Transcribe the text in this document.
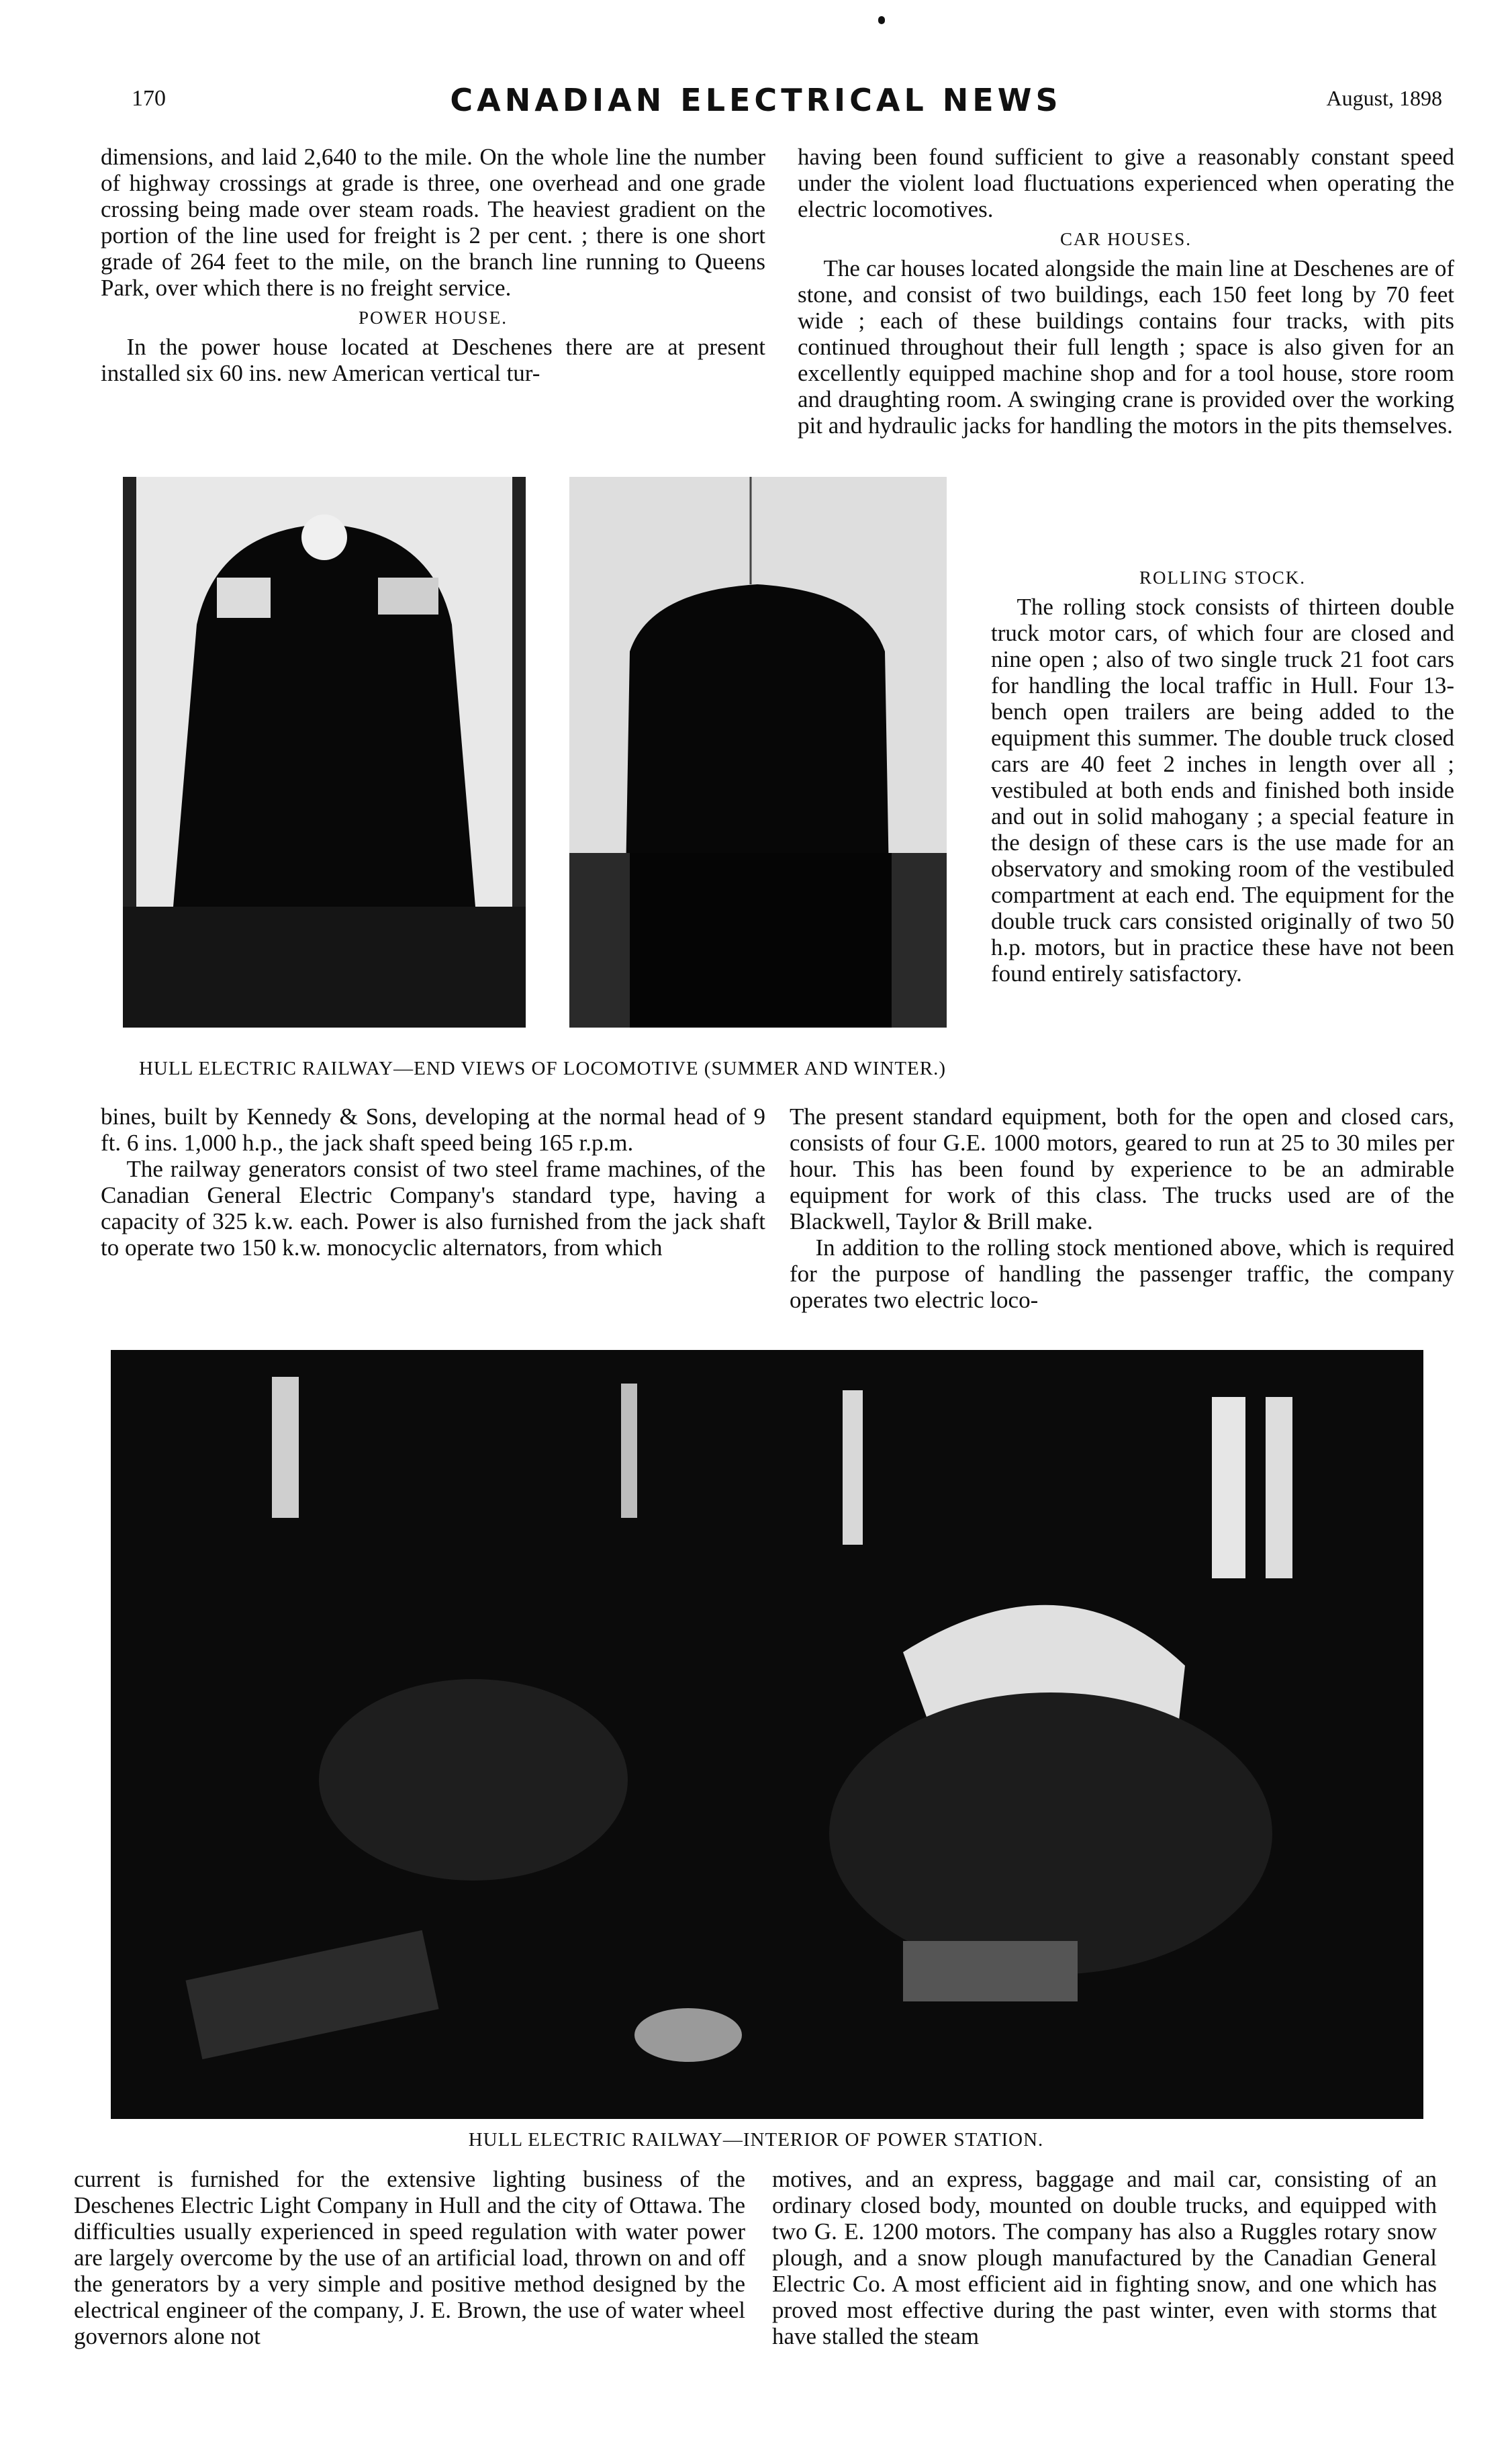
170	CANADIAN ELECTRICAL NEWS	August, 1898

dimensions, and laid 2,640 to the mile. On the whole line the number of highway crossings at grade is three, one overhead and one grade crossing being made over steam roads. The heaviest gradient on the portion of the line used for freight is 2 per cent. ; there is one short grade of 264 feet to the mile, on the branch line running to Queens Park, over which there is no freight service.

POWER HOUSE.

In the power house located at Deschenes there are at present installed six 60 ins. new American vertical tur-

having been found sufficient to give a reasonably constant speed under the violent load fluctuations experienced when operating the electric locomotives.

CAR HOUSES.

The car houses located alongside the main line at Deschenes are of stone, and consist of two buildings, each 150 feet long by 70 feet wide ; each of these buildings contains four tracks, with pits continued throughout their full length ; space is also given for an excellently equipped machine shop and for a tool house, store room and draughting room. A swinging crane is provided over the working pit and hydraulic jacks for handling the motors in the pits themselves.

ROLLING STOCK.

The rolling stock consists of thirteen double truck motor cars, of which four are closed and nine open ; also of two single truck 21 foot cars for handling the local traffic in Hull. Four 13-bench open trailers are being added to the equipment this summer. The double truck closed cars are 40 feet 2 inches in length over all ; vestibuled at both ends and finished both inside and out in solid mahogany ; a special feature in the design of these cars is the use made for an observatory and smoking room of the vestibuled compartment at each end. The equipment for the double truck cars consisted originally of two 50 h.p. motors, but in practice these have not been found entirely satisfactory.

HULL ELECTRIC RAILWAY—END VIEWS OF LOCOMOTIVE (SUMMER AND WINTER.)

bines, built by Kennedy & Sons, developing at the normal head of 9 ft. 6 ins. 1,000 h.p., the jack shaft speed being 165 r.p.m.

The railway generators consist of two steel frame machines, of the Canadian General Electric Company's standard type, having a capacity of 325 k.w. each. Power is also furnished from the jack shaft to operate two 150 k.w. monocyclic alternators, from which

The present standard equipment, both for the open and closed cars, consists of four G.E. 1000 motors, geared to run at 25 to 30 miles per hour. This has been found by experience to be an admirable equipment for work of this class. The trucks used are of the Blackwell, Taylor & Brill make.

In addition to the rolling stock mentioned above, which is required for the purpose of handling the passenger traffic, the company operates two electric loco-

HULL ELECTRIC RAILWAY—INTERIOR OF POWER STATION.

current is furnished for the extensive lighting business of the Deschenes Electric Light Company in Hull and the city of Ottawa. The difficulties usually experienced in speed regulation with water power are largely overcome by the use of an artificial load, thrown on and off the generators by a very simple and positive method designed by the electrical engineer of the company, J. E. Brown, the use of water wheel governors alone not

motives, and an express, baggage and mail car, consisting of an ordinary closed body, mounted on double trucks, and equipped with two G. E. 1200 motors. The company has also a Ruggles rotary snow plough, and a snow plough manufactured by the Canadian General Electric Co. A most efficient aid in fighting snow, and one which has proved most effective during the past winter, even with storms that have stalled the steam
